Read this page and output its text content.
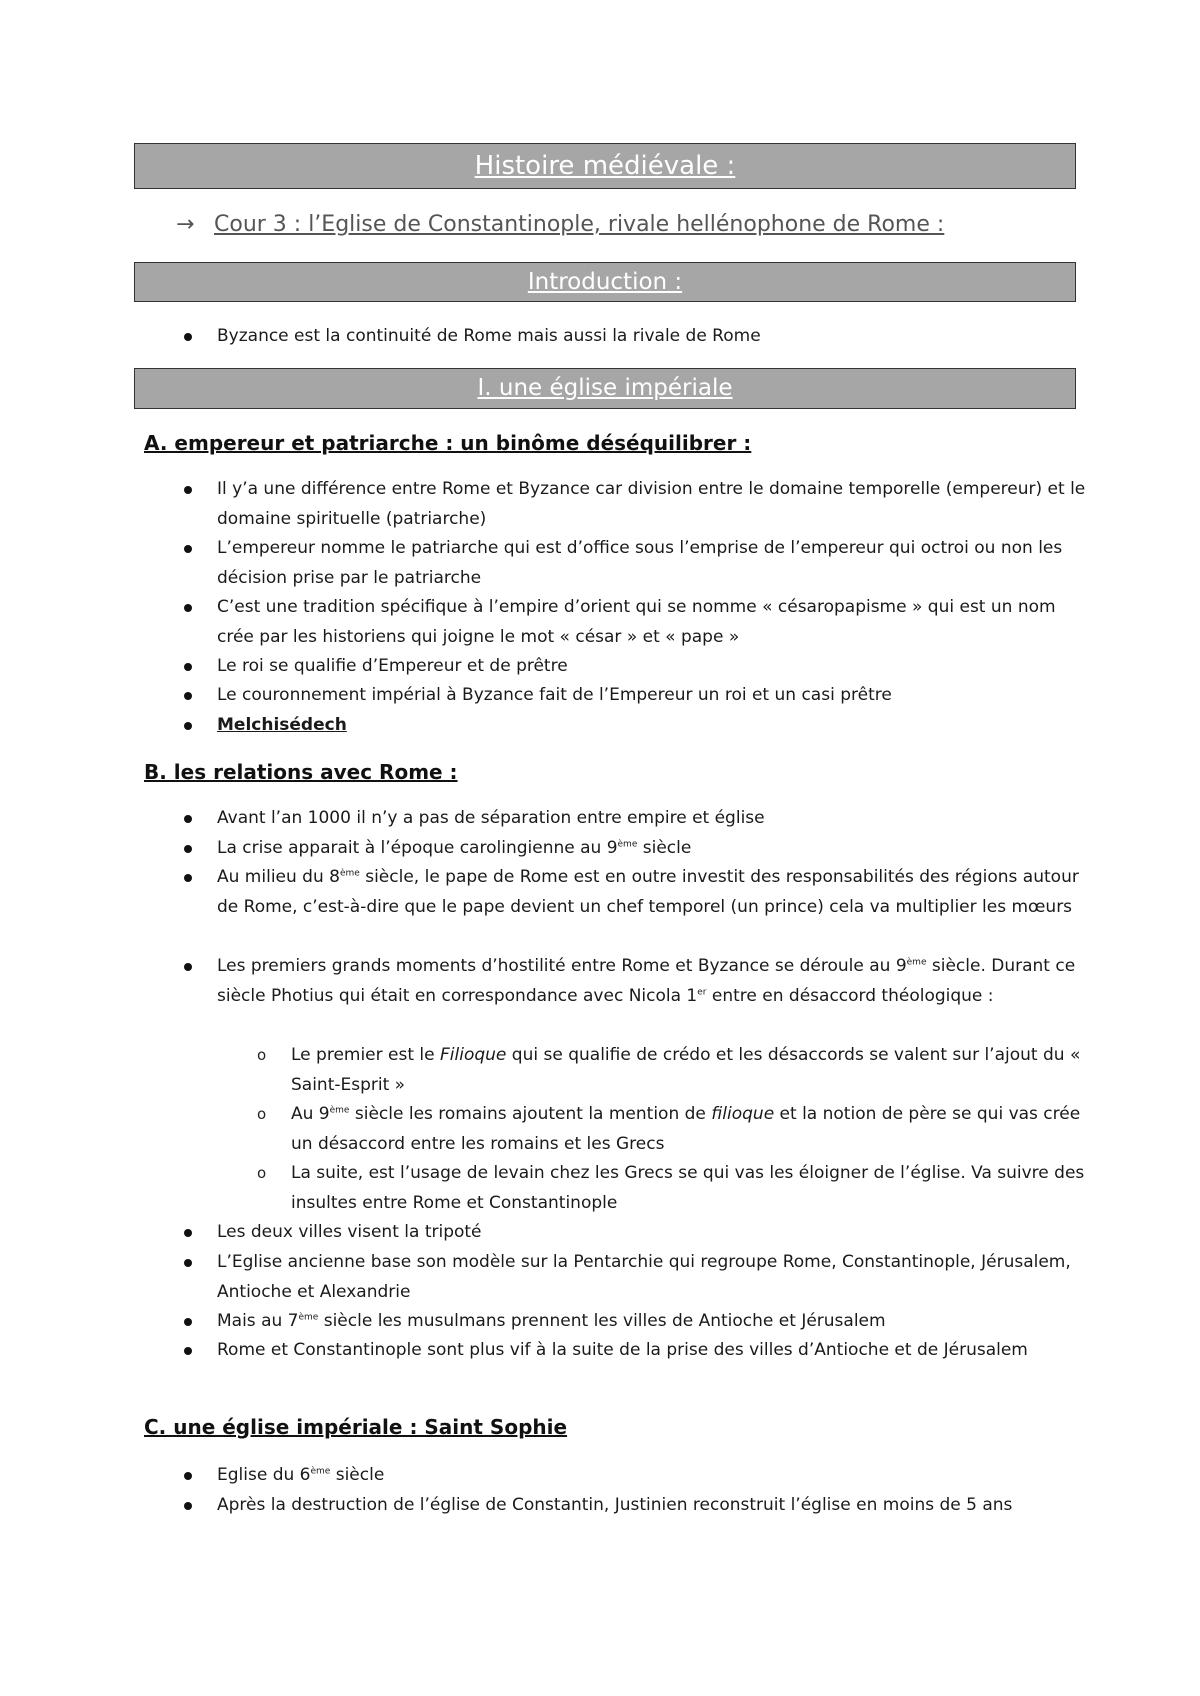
Histoire médiévale :
→ Cour 3 : l’Eglise de Constantinople, rivale hellénophone de Rome :
Introduction :

Byzance est la continuité de Rome mais aussi la rivale de Rome

I. une église impériale
A. empereur et patriarche : un binôme déséquilibrer :

Il y’a une différence entre Rome et Byzance car division entre le domaine temporelle (empereur) et le domaine spirituelle (patriarche)

L’empereur nomme le patriarche qui est d’office sous l’emprise de l’empereur qui octroi ou non les décision prise par le patriarche

C’est une tradition spécifique à l’empire d’orient qui se nomme « césaropapisme » qui est un nom crée par les historiens qui joigne le mot « césar » et « pape »

Le roi se qualifie d’Empereur et de prêtre

Le couronnement impérial à Byzance fait de l’Empereur un roi et un casi prêtre

Melchisédech

B. les relations avec Rome :

Avant l’an 1000 il n’y a pas de séparation entre empire et église

La crise apparait à l’époque carolingienne au 9ème siècle

Au milieu du 8ème siècle, le pape de Rome est en outre investit des responsabilités des régions autour de Rome, c’est-à-dire que le pape devient un chef temporel (un prince) cela va multiplier les mœurs

Les premiers grands moments d’hostilité entre Rome et Byzance se déroule au 9ème siècle. Durant ce siècle Photius qui était en correspondance avec Nicola 1er entre en désaccord théologique :

o Le premier est le Filioque qui se qualifie de crédo et les désaccords se valent sur l’ajout du « Saint-Esprit »

o Au 9ème siècle les romains ajoutent la mention de filioque et la notion de père se qui vas crée un désaccord entre les romains et les Grecs

o La suite, est l’usage de levain chez les Grecs se qui vas les éloigner de l’église. Va suivre des insultes entre Rome et Constantinople

Les deux villes visent la tripoté

L’Eglise ancienne base son modèle sur la Pentarchie qui regroupe Rome, Constantinople, Jérusalem, Antioche et Alexandrie

Mais au 7ème siècle les musulmans prennent les villes de Antioche et Jérusalem

Rome et Constantinople sont plus vif à la suite de la prise des villes d’Antioche et de Jérusalem

C. une église impériale : Saint Sophie

Eglise du 6ème siècle

Après la destruction de l’église de Constantin, Justinien reconstruit l’église en moins de 5 ans
